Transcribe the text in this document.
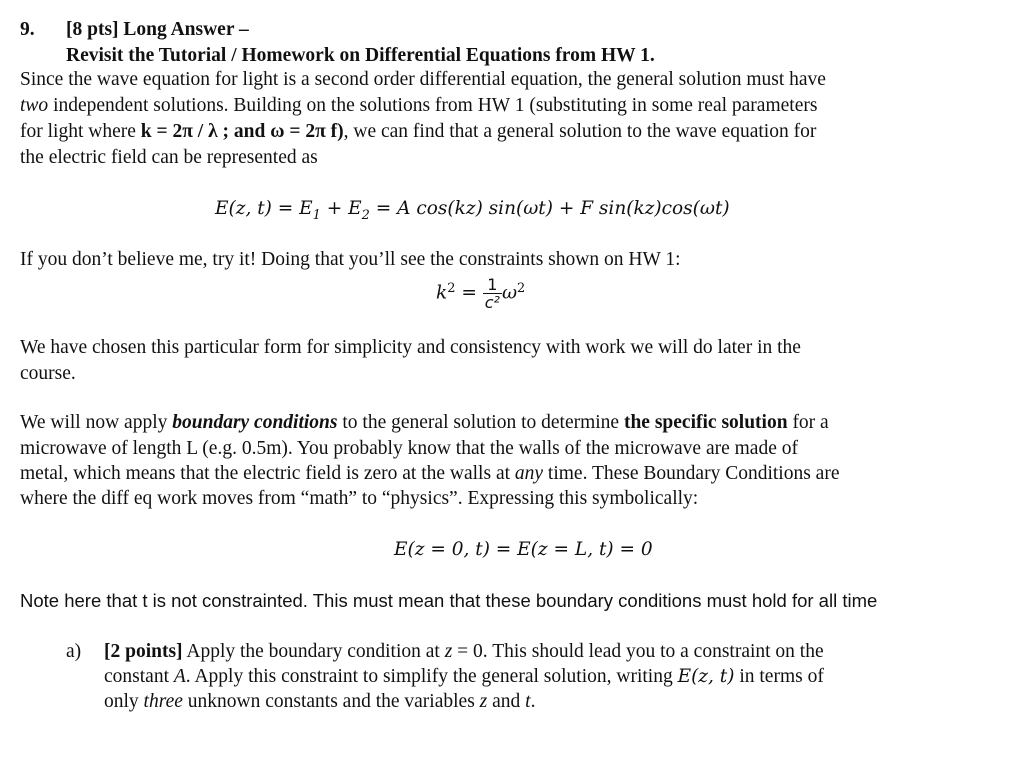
9. [8 pts] Long Answer –
Revisit the Tutorial / Homework on Differential Equations from HW 1.
Since the wave equation for light is a second order differential equation, the general solution must have
two independent solutions. Building on the solutions from HW 1 (substituting in some real parameters
for light where k = 2π / λ ; and ω = 2π f), we can find that a general solution to the wave equation for
the electric field can be represented as
E(z, $t) = E_1 + E_2 = A$ cos(kz) sin(ωt) + F sin(kz)cos(ωt)
If you don’t believe me, try it! Doing that you’ll see the constraints shown on HW 1:
$k^2 = \frac{1}{\text{c²}} \omega^2$
We have chosen this particular form for simplicity and consistency with work we will do later in the
course.
We will now apply boundary conditions to the general solution to determine the specific solution for a
microwave of length L (e.g. 0.5m). You probably know that the walls of the microwave are made of
metal, which means that the electric field is zero at the walls at any time. These Boundary Conditions are
where the diff eq work moves from “math” to “physics”. Expressing this symbolically:
E(z = 0, t) = E(z = L, t) = 0
Note here that t is not constrainted. This must mean that these boundary conditions must hold for all time
a) [2 points] Apply the boundary condition at z = 0. This should lead you to a constraint on the
constant A. Apply this constraint to simplify the general solution, writing E(z, t) in terms of
only three unknown constants and the variables z and t.
